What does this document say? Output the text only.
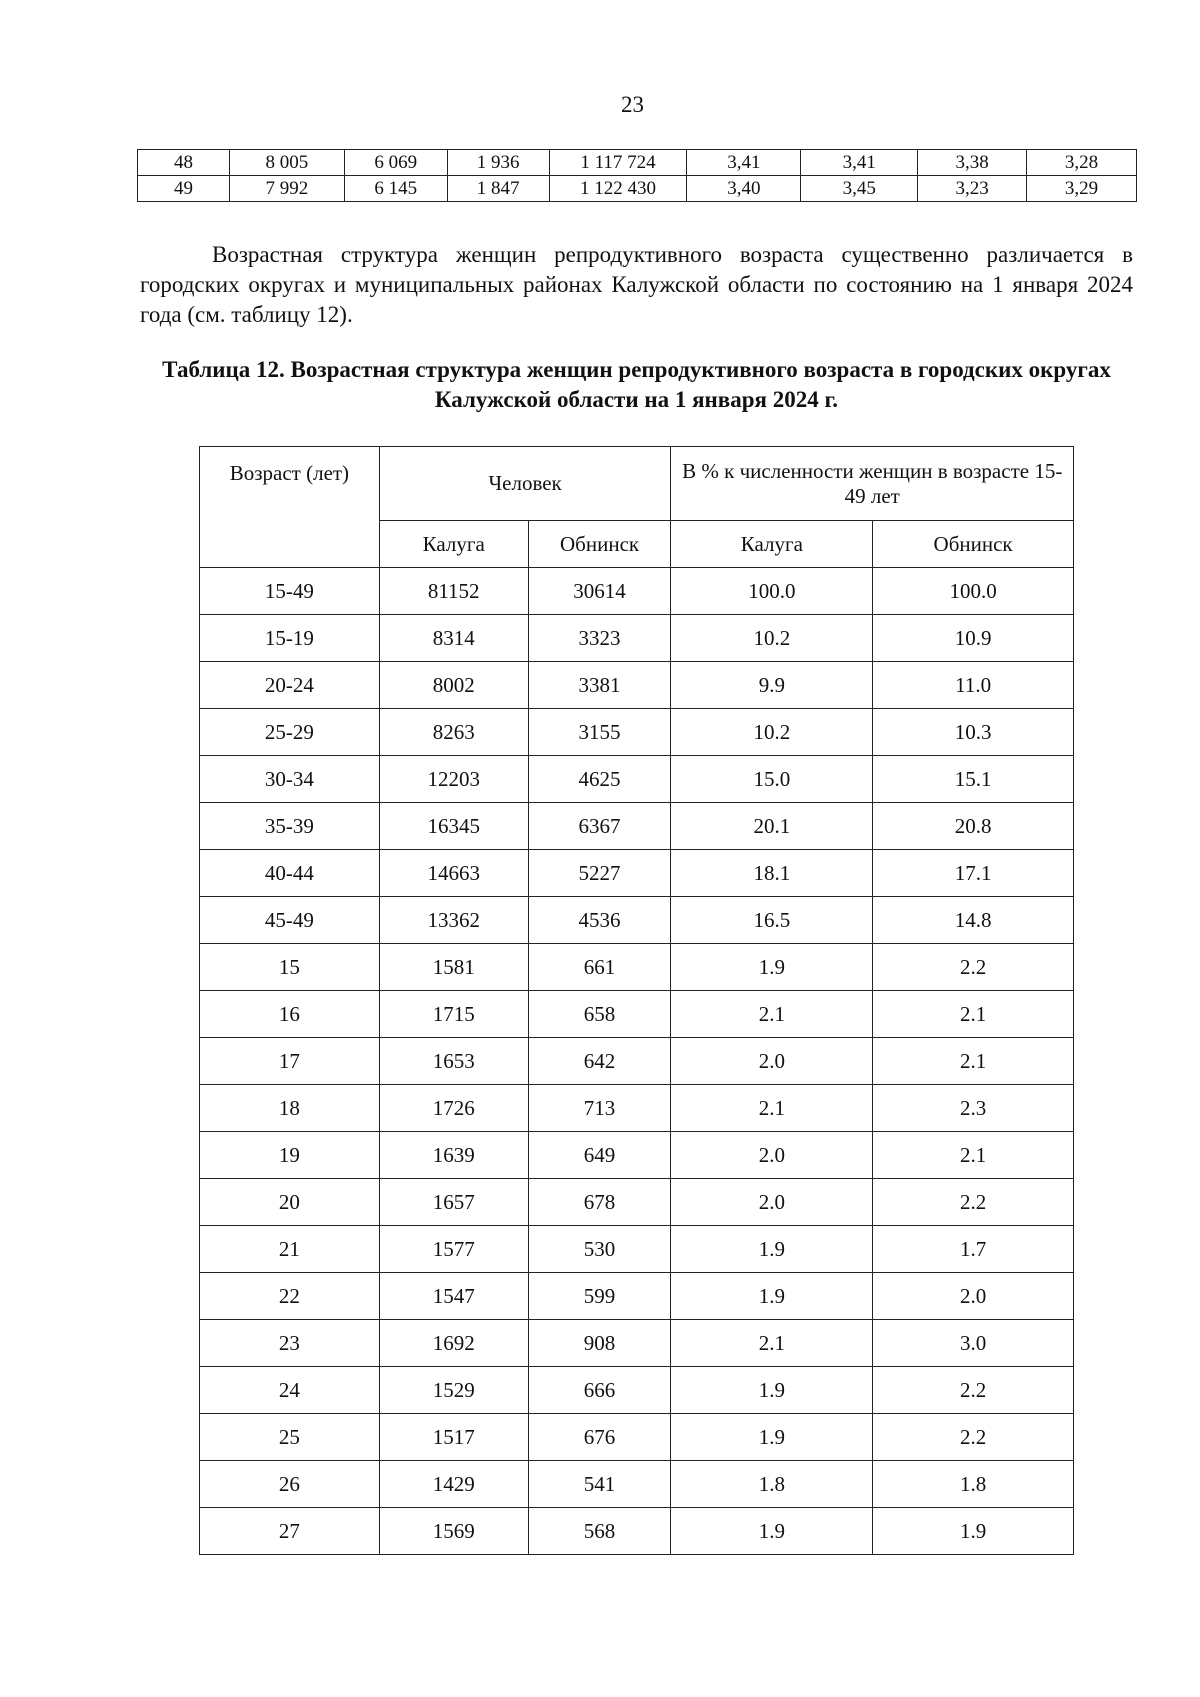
23
48	8 005	6 069	1 936	1 117 724	3,41	3,41	3,38	3,28
49	7 992	6 145	1 847	1 122 430	3,40	3,45	3,23	3,29
Возрастная структура женщин репродуктивного возраста существенно различается в городских округах и муниципальных районах Калужской области по состоянию на 1 января 2024 года (см. таблицу 12).
Таблица 12. Возрастная структура женщин репродуктивного возраста в городских округах Калужской области на 1 января 2024 г.
Возраст (лет)	Человек		В % к численности женщин в возрасте 15-49 лет	
	Калуга	Обнинск	Калуга	Обнинск
15-49	81152	30614	100.0	100.0
15-19	8314	3323	10.2	10.9
20-24	8002	3381	9.9	11.0
25-29	8263	3155	10.2	10.3
30-34	12203	4625	15.0	15.1
35-39	16345	6367	20.1	20.8
40-44	14663	5227	18.1	17.1
45-49	13362	4536	16.5	14.8
15	1581	661	1.9	2.2
16	1715	658	2.1	2.1
17	1653	642	2.0	2.1
18	1726	713	2.1	2.3
19	1639	649	2.0	2.1
20	1657	678	2.0	2.2
21	1577	530	1.9	1.7
22	1547	599	1.9	2.0
23	1692	908	2.1	3.0
24	1529	666	1.9	2.2
25	1517	676	1.9	2.2
26	1429	541	1.8	1.8
27	1569	568	1.9	1.9
